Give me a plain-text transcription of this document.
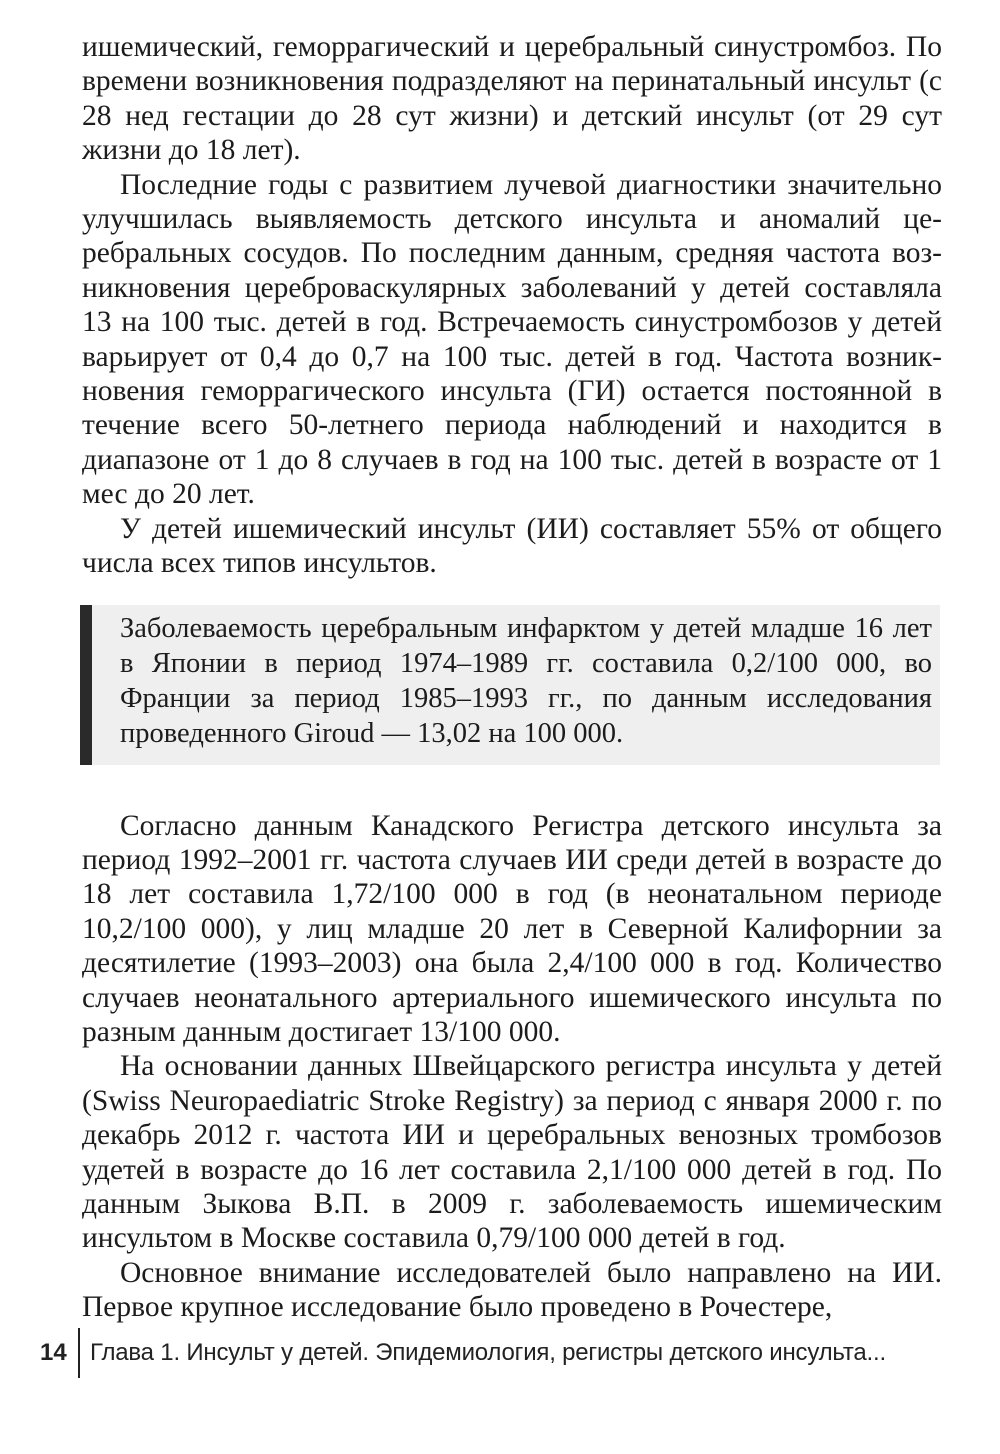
ишемический, геморрагический и церебральный синустромбоз. По времени возникновения подразделяют на перинатальный инсульт (с 28 нед гестации до 28 сут жизни) и детский инсульт (от 29 сут жизни до 18 лет).

Последние годы с развитием лучевой диагностики значительно улучшилась выявляемость детского инсульта и аномалий церебральных сосудов. По последним данным, средняя частота возникновения цереброваскулярных заболеваний у детей составляла 13 на 100 тыс. детей в год. Встречаемость синустромбозов у детей варьирует от 0,4 до 0,7 на 100 тыс. детей в год. Частота возникновения геморрагического инсульта (ГИ) остается постоянной в течение всего 50-летнего периода наблюдений и находится в диапазоне от 1 до 8 случаев в год на 100 тыс. детей в возрасте от 1 мес до 20 лет.

У детей ишемический инсульт (ИИ) составляет 55% от общего числа всех типов инсультов.

Заболеваемость церебральным инфарктом у детей младше 16 лет в Японии в период 1974–1989 гг. составила 0,2/100 000, во Франции за период 1985–1993 гг., по данным исследования проведенного Giroud — 13,02 на 100 000.

Согласно данным Канадского Регистра детского инсульта за период 1992–2001 гг. частота случаев ИИ среди детей в возрасте до 18 лет составила 1,72/100 000 в год (в неонатальном периоде 10,2/100 000), у лиц младше 20 лет в Северной Калифорнии за десятилетие (1993–2003) она была 2,4/100 000 в год. Количество случаев неонатального артериального ишемического инсульта по разным данным достигает 13/100 000.

На основании данных Швейцарского регистра инсульта у детей (Swiss Neuropaediatric Stroke Registry) за период с января 2000 г. по декабрь 2012 г. частота ИИ и церебральных венозных тромбозов удетей в возрасте до 16 лет составила 2,1/100 000 детей в год. По данным Зыкова В.П. в 2009 г. заболеваемость ишемическим инсультом в Москве составила 0,79/100 000 детей в год.

Основное внимание исследователей было направлено на ИИ. Первое крупное исследование было проведено в Рочестере,

14 Глава 1. Инсульт у детей. Эпидемиология, регистры детского инсульта...
